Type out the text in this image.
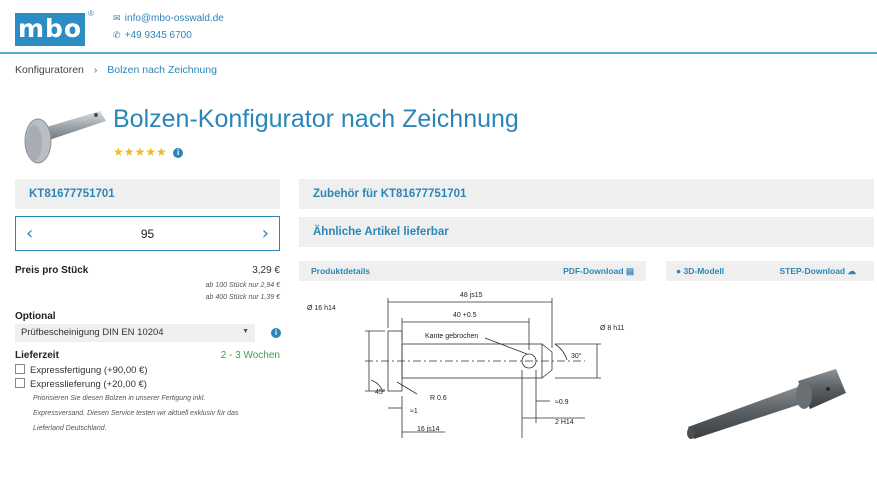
mbo
® ✉ info@mbo-osswald.de
✆ +49 9345 6700
Konfiguratoren › Bolzen nach Zeichnung
Bolzen-Konfigurator nach Zeichnung
★★★★★ i
KT81677751701
‹	95	›
Preis pro Stück	3,29 €
ab 100 Stück nur 2,94 €
ab 400 Stück nur 1,39 €
Optional
Prüfbescheinigung DIN EN 10204	▼	i
Lieferzeit	2 - 3 Wochen
Expressfertigung (+90,00 €)
Expresslieferung (+20,00 €)
Priorisieren Sie diesen Bolzen in unserer Fertigung inkl.
Expressversand. Diesen Service testen wir aktuell exklusiv für das
Lieferland Deutschland.
Zubehör für KT81677751701
Ähnliche Artikel lieferbar
Produktdetails	PDF-Download ▤	● 3D-Modell	STEP-Download ☁
48 js15
40 +0.5
Ø 16 h14
Ø 8 h11
Kante gebrochen
30°
45°
R 0.6
≈1
≈0.9
2 H14
16 js14
